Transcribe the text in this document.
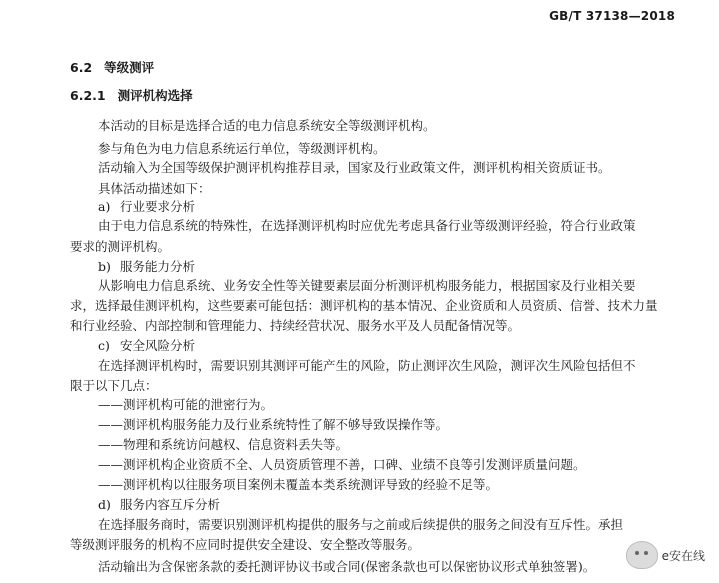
GB/T 37138—2018
6.2 等级测评
6.2.1 测评机构选择
本活动的目标是选择合适的电力信息系统安全等级测评机构。
参与角色为电力信息系统运行单位，等级测评机构。
活动输入为全国等级保护测评机构推荐目录，国家及行业政策文件，测评机构相关资质证书。
具体活动描述如下：
a) 行业要求分析
由于电力信息系统的特殊性，在选择测评机构时应优先考虑具备行业等级测评经验，符合行业政策
要求的测评机构。
b) 服务能力分析
从影响电力信息系统、业务安全性等关键要素层面分析测评机构服务能力，根据国家及行业相关要
求，选择最佳测评机构，这些要素可能包括：测评机构的基本情况、企业资质和人员资质、信誉、技术力量
和行业经验、内部控制和管理能力、持续经营状况、服务水平及人员配备情况等。
c) 安全风险分析
在选择测评机构时，需要识别其测评可能产生的风险，防止测评次生风险，测评次生风险包括但不
限于以下几点：
——测评机构可能的泄密行为。
——测评机构服务能力及行业系统特性了解不够导致误操作等。
——物理和系统访问越权、信息资料丢失等。
——测评机构企业资质不全、人员资质管理不善，口碑、业绩不良等引发测评质量问题。
——测评机构以往服务项目案例未覆盖本类系统测评导致的经验不足等。
d) 服务内容互斥分析
在选择服务商时，需要识别测评机构提供的服务与之前或后续提供的服务之间没有互斥性。承担
等级测评服务的机构不应同时提供安全建设、安全整改等服务。
活动输出为含保密条款的委托测评协议书或合同(保密条款也可以保密协议形式单独签署)。
e安在线
